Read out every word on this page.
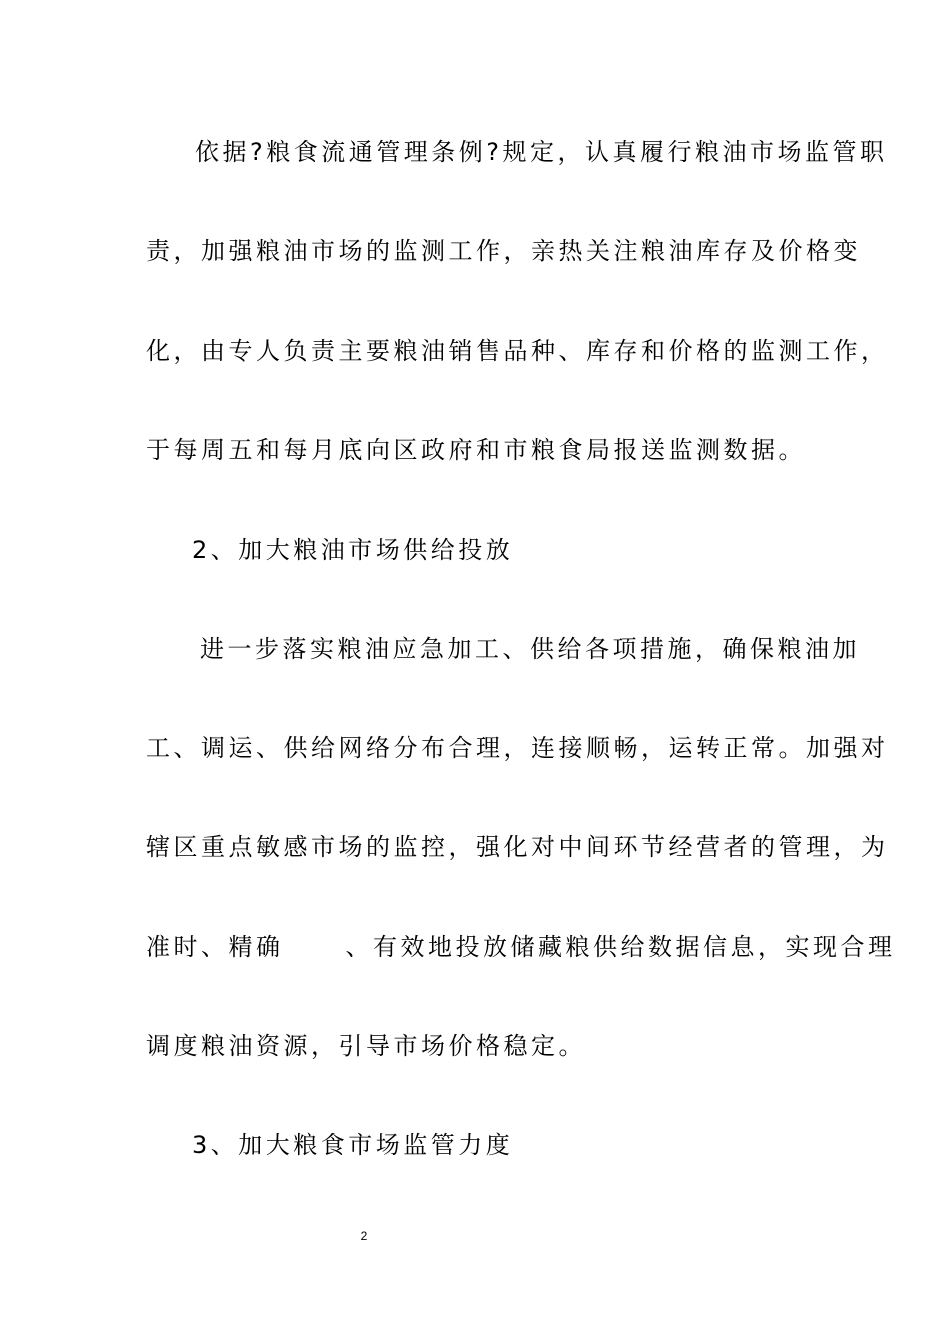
依据?粮食流通管理条例?规定，认真履行粮油市场监管职
责，加强粮油市场的监测工作，亲热关注粮油库存及价格变
化，由专人负责主要粮油销售品种、库存和价格的监测工作，
于每周五和每月底向区政府和市粮食局报送监测数据。
2、加大粮油市场供给投放
进一步落实粮油应急加工、供给各项措施，确保粮油加
工、调运、供给网络分布合理，连接顺畅，运转正常。加强对
辖区重点敏感市场的监控，强化对中间环节经营者的管理，为
准时、精确	、有效地投放储藏粮供给数据信息，实现合理
调度粮油资源，引导市场价格稳定。
3、加大粮食市场监管力度
2
